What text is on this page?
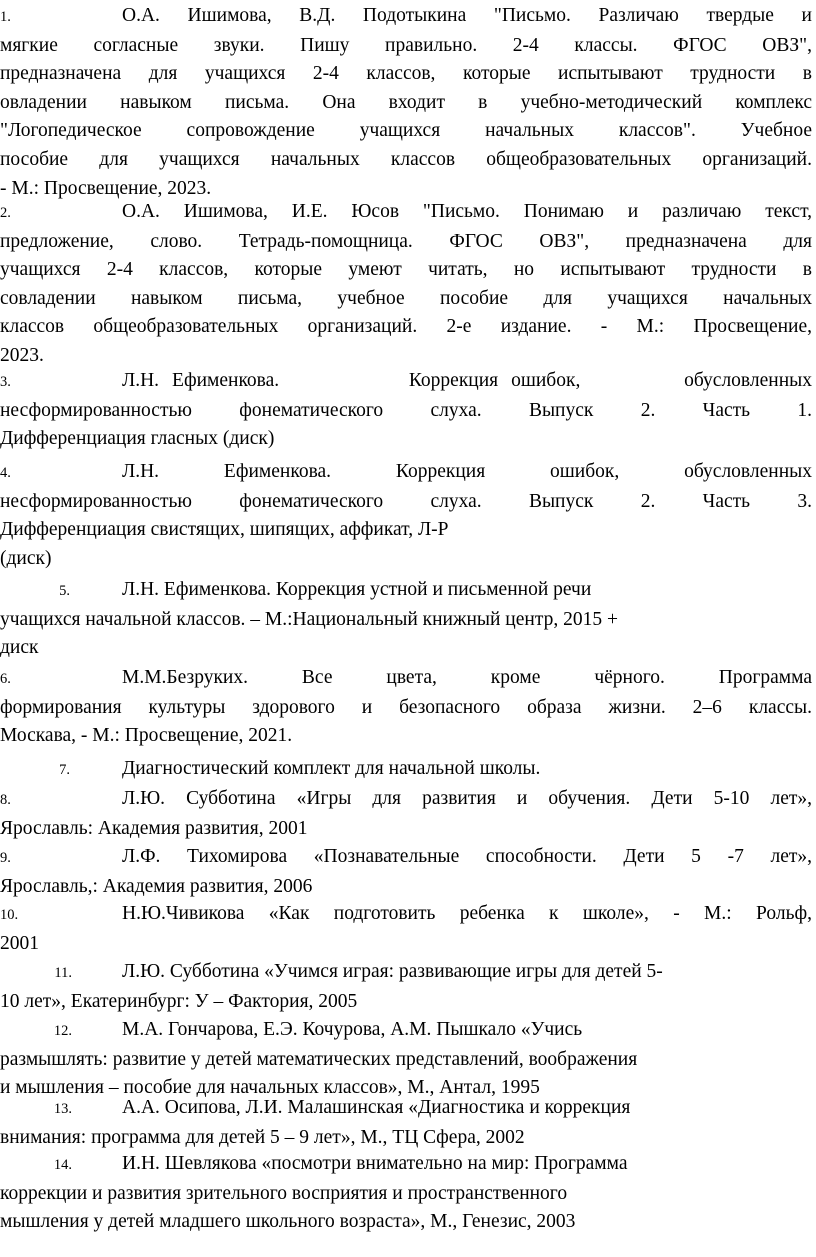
1.	О.А. Ишимова, В.Д. Подотыкина "Письмо. Различаю твердые и
мягкие согласные звуки. Пишу правильно. 2-4 классы. ФГОС ОВЗ",
предназначена для учащихся 2-4 классов, которые испытывают трудности в
овладении навыком письма. Она входит в учебно-методический комплекс
"Логопедическое сопровождение учащихся начальных классов". Учебное
пособие для учащихся начальных классов общеобразовательных организаций.
- М.: Просвещение, 2023.
2.	О.А. Ишимова, И.Е. Юсов "Письмо. Понимаю и различаю текст,
предложение, слово. Тетрадь-помощница. ФГОС ОВЗ", предназначена для
учащихся 2-4 классов, которые умеют читать, но испытывают трудности в
совладении навыком письма, учебное пособие для учащихся начальных
классов общеобразовательных организаций. 2-е издание. - М.: Просвещение,
2023.
3.	Л.Н. Ефименкова.          Коррекция ошибок,        обусловленных
несформированностью фонематического слуха. Выпуск 2. Часть 1.
Дифференциация гласных (диск)
4.	Л.Н. Ефименкова. Коррекция ошибок, обусловленных
несформированностью фонематического слуха. Выпуск 2. Часть 3.
Дифференциация свистящих, шипящих, аффикат, Л-Р
(диск)
5.	Л.Н. Ефименкова. Коррекция устной и письменной речи
учащихся начальной классов. – М.:Национальный книжный центр, 2015 +
диск
6.	М.М.Безруких. Все цвета, кроме чёрного. Программа
формирования культуры здорового и безопасного образа жизни. 2–6 классы.
Москава, - М.: Просвещение, 2021.
7.	Диагностический комплект для начальной школы.
8.	Л.Ю. Субботина «Игры для развития и обучения. Дети 5-10 лет»,
Ярославль: Академия развития, 2001
9.	Л.Ф. Тихомирова «Познавательные способности. Дети 5 -7 лет»,
Ярославль,: Академия развития, 2006
10.	Н.Ю.Чивикова «Как подготовить ребенка к школе», - М.: Рольф,
2001
11.	Л.Ю. Субботина «Учимся играя: развивающие игры для детей 5-
10 лет», Екатеринбург: У – Фактория, 2005
12.	М.А. Гончарова, Е.Э. Кочурова, А.М. Пышкало «Учись
размышлять: развитие у детей математических представлений, воображения
и мышления – пособие для начальных классов», М., Антал, 1995
13.	А.А. Осипова, Л.И. Малашинская «Диагностика и коррекция
внимания: программа для детей 5 – 9 лет», М., ТЦ Сфера, 2002
14.	И.Н. Шевлякова «посмотри внимательно на мир: Программа
коррекции и развития зрительного восприятия и пространственного
мышления у детей младшего школьного возраста», М., Генезис, 2003
